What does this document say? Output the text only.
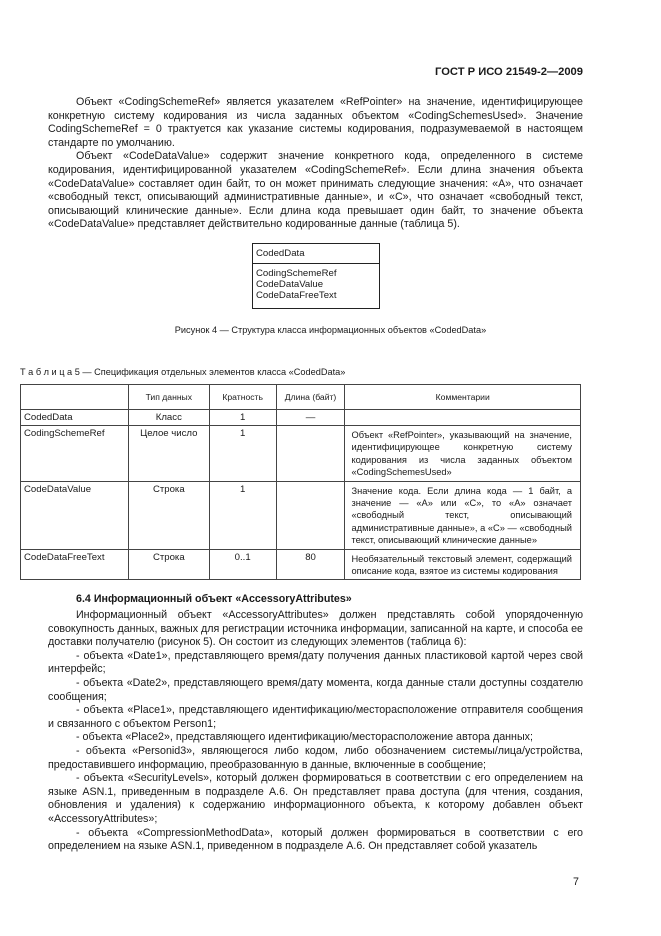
ГОСТ Р ИСО 21549-2—2009

Объект «CodingSchemeRef» является указателем «RefPointer» на значение, идентифицирующее конкретную систему кодирования из числа заданных объектом «CodingSchemesUsed». Значение CodingSchemeRef = 0 трактуется как указание системы кодирования, подразумеваемой в настоящем стандарте по умолчанию.

Объект «CodeDataValue» содержит значение конкретного кода, определенного в системе кодирования, идентифицированной указателем «CodingSchemeRef». Если длина значения объекта «CodeDataValue» составляет один байт, то он может принимать следующие значения: «А», что означает «свободный текст, описывающий административные данные», и «С», что означает «свободный текст, описывающий клинические данные». Если длина кода превышает один байт, то значение объекта «CodeDataValue» представляет действительно кодированные данные (таблица 5).

CodedData
CodingSchemeRef
CodeDataValue
CodeDataFreeText
Рисунок 4 — Структура класса информационных объектов «CodedData»
Т а б л и ц а 5 — Спецификация отдельных элементов класса «CodedData»
	Тип данных	Кратность	Длина (байт)	Комментарии
CodedData	Класс	1	—	
CodingSchemeRef	Целое число	1		Объект «RefPointer», указывающий на значение, идентифицирующее конкретную систему кодирования из числа заданных объектом «CodingSchemesUsed»
CodeDataValue	Строка	1		Значение кода. Если длина кода — 1 байт, а значение — «А» или «С», то «А» означает «свободный текст, описывающий административные данные», а «С» — «свободный текст, описывающий клинические данные»
CodeDataFreeText	Строка	0..1	80	Необязательный текстовый элемент, содержащий описание кода, взятое из системы кодирования
6.4 Информационный объект «AccessoryAttributes»

Информационный объект «AccessoryAttributes» должен представлять собой упорядоченную совокупность данных, важных для регистрации источника информации, записанной на карте, и способа ее доставки получателю (рисунок 5). Он состоит из следующих элементов (таблица 6):

- объекта «Date1», представляющего время/дату получения данных пластиковой картой через свой интерфейс;

- объекта «Date2», представляющего время/дату момента, когда данные стали доступны создателю сообщения;

- объекта «Place1», представляющего идентификацию/месторасположение отправителя сообщения и связанного с объектом Person1;

- объекта «Place2», представляющего идентификацию/месторасположение автора данных;

- объекта «Personid3», являющегося либо кодом, либо обозначением системы/лица/устройства, предоставившего информацию, преобразованную в данные, включенные в сообщение;

- объекта «SecurityLevels», который должен формироваться в соответствии с его определением на языке ASN.1, приведенным в подразделе А.6. Он представляет права доступа (для чтения, создания, обновления и удаления) к содержанию информационного объекта, к которому добавлен объект «AccessoryAttributes»;

- объекта «CompressionMethodData», который должен формироваться в соответствии с его определением на языке ASN.1, приведенном в подразделе А.6. Он представляет собой указатель

7
